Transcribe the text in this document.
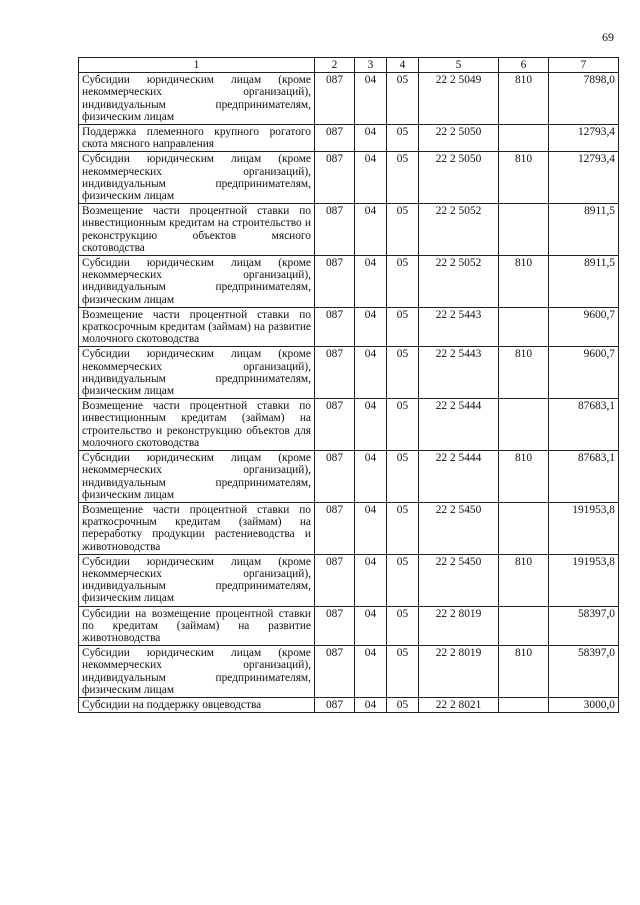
69
1	2	3	4	5	6	7
Субсидии юридическим лицам (кроме некоммерческих организаций), индивидуальным предпринимателям, физическим лицам	087	04	05	22 2 5049	810	7898,0
Поддержка племенного крупного рогатого скота мясного направления	087	04	05	22 2 5050		12793,4
Субсидии юридическим лицам (кроме некоммерческих организаций), индивидуальным предпринимателям, физическим лицам	087	04	05	22 2 5050	810	12793,4
Возмещение части процентной ставки по инвестиционным кредитам на строительство и реконструкцию объектов мясного скотоводства	087	04	05	22 2 5052		8911,5
Субсидии юридическим лицам (кроме некоммерческих организаций), индивидуальным предпринимателям, физическим лицам	087	04	05	22 2 5052	810	8911,5
Возмещение части процентной ставки по краткосрочным кредитам (займам) на развитие молочного скотоводства	087	04	05	22 2 5443		9600,7
Субсидии юридическим лицам (кроме некоммерческих организаций), индивидуальным предпринимателям, физическим лицам	087	04	05	22 2 5443	810	9600,7
Возмещение части процентной ставки по инвестиционным кредитам (займам) на строительство и реконструкцию объектов для молочного скотоводства	087	04	05	22 2 5444		87683,1
Субсидии юридическим лицам (кроме некоммерческих организаций), индивидуальным предпринимателям, физическим лицам	087	04	05	22 2 5444	810	87683,1
Возмещение части процентной ставки по краткосрочным кредитам (займам) на переработку продукции растениеводства и животноводства	087	04	05	22 2 5450		191953,8
Субсидии юридическим лицам (кроме некоммерческих организаций), индивидуальным предпринимателям, физическим лицам	087	04	05	22 2 5450	810	191953,8
Субсидии на возмещение процентной ставки по кредитам (займам) на развитие животноводства	087	04	05	22 2 8019		58397,0
Субсидии юридическим лицам (кроме некоммерческих организаций), индивидуальным предпринимателям, физическим лицам	087	04	05	22 2 8019	810	58397,0
Субсидии на поддержку овцеводства	087	04	05	22 2 8021		3000,0
